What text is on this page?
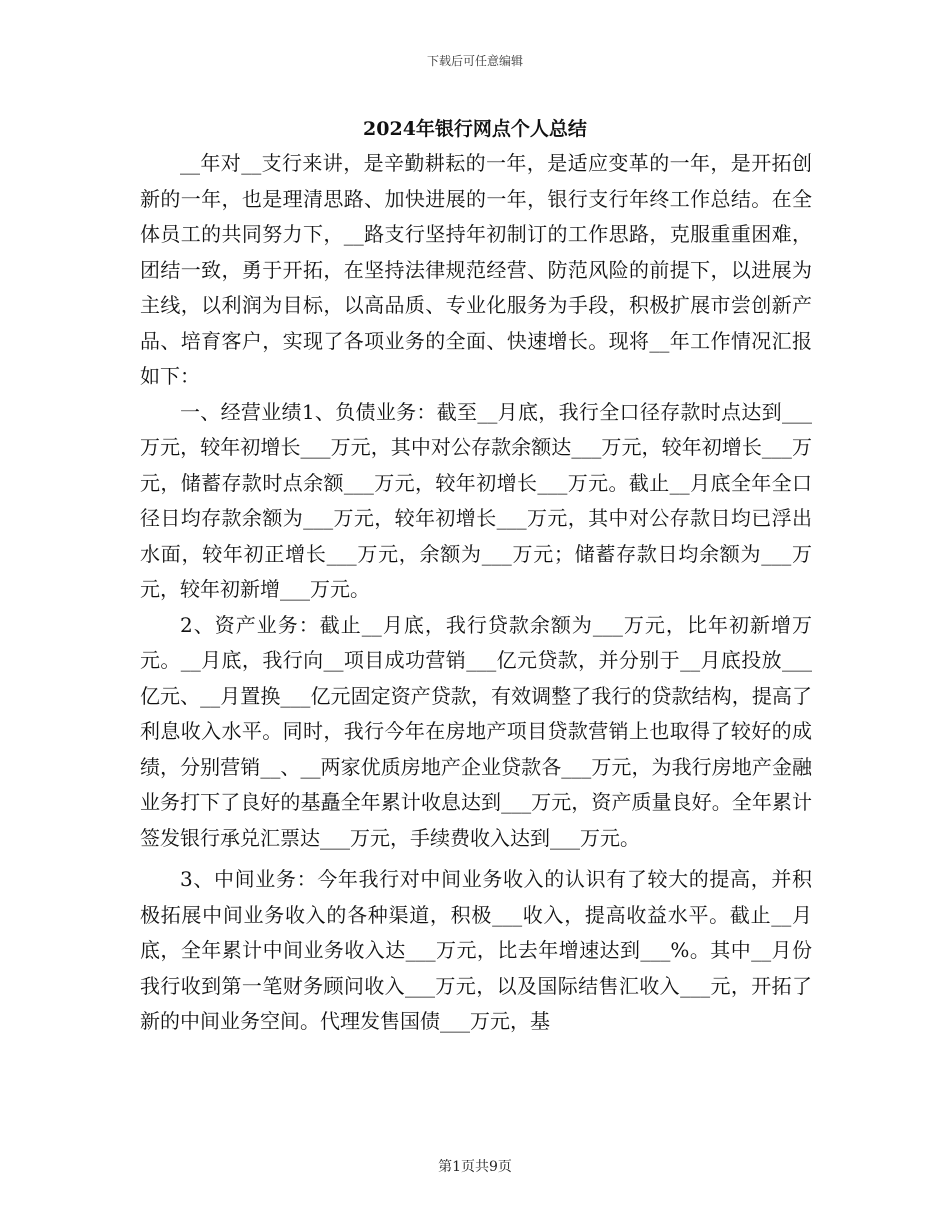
下载后可任意编辑
2024年银行网点个人总结

__年对__支行来讲，是辛勤耕耘的一年，是适应变革的一年，是开拓创新的一年，也是理清思路、加快进展的一年，银行支行年终工作总结。在全体员工的共同努力下，__路支行坚持年初制订的工作思路，克服重重困难，团结一致，勇于开拓，在坚持法律规范经营、防范风险的前提下，以进展为主线，以利润为目标，以高品质、专业化服务为手段，积极扩展市尝创新产品、培育客户，实现了各项业务的全面、快速增长。现将__年工作情况汇报如下：

一、经营业绩1、负债业务：截至__月底，我行全口径存款时点达到___万元，较年初增长___万元，其中对公存款余额达___万元，较年初增长___万元，储蓄存款时点余额___万元，较年初增长___万元。截止__月底全年全口径日均存款余额为___万元，较年初增长___万元，其中对公存款日均已浮出水面，较年初正增长___万元，余额为___万元；储蓄存款日均余额为___万元，较年初新增___万元。

2、资产业务：截止__月底，我行贷款余额为___万元，比年初新增万元。__月底，我行向__项目成功营销___亿元贷款，并分别于__月底投放___亿元、__月置换___亿元固定资产贷款，有效调整了我行的贷款结构，提高了利息收入水平。同时，我行今年在房地产项目贷款营销上也取得了较好的成绩，分别营销__、__两家优质房地产企业贷款各___万元，为我行房地产金融业务打下了良好的基矗全年累计收息达到___万元，资产质量良好。全年累计签发银行承兑汇票达___万元，手续费收入达到___万元。

3、中间业务：今年我行对中间业务收入的认识有了较大的提高，并积极拓展中间业务收入的各种渠道，积极___收入，提高收益水平。截止__月底，全年累计中间业务收入达___万元，比去年增速达到___%。其中__月份我行收到第一笔财务顾问收入___万元，以及国际结售汇收入___元，开拓了新的中间业务空间。代理发售国债___万元，基

第1页共9页
